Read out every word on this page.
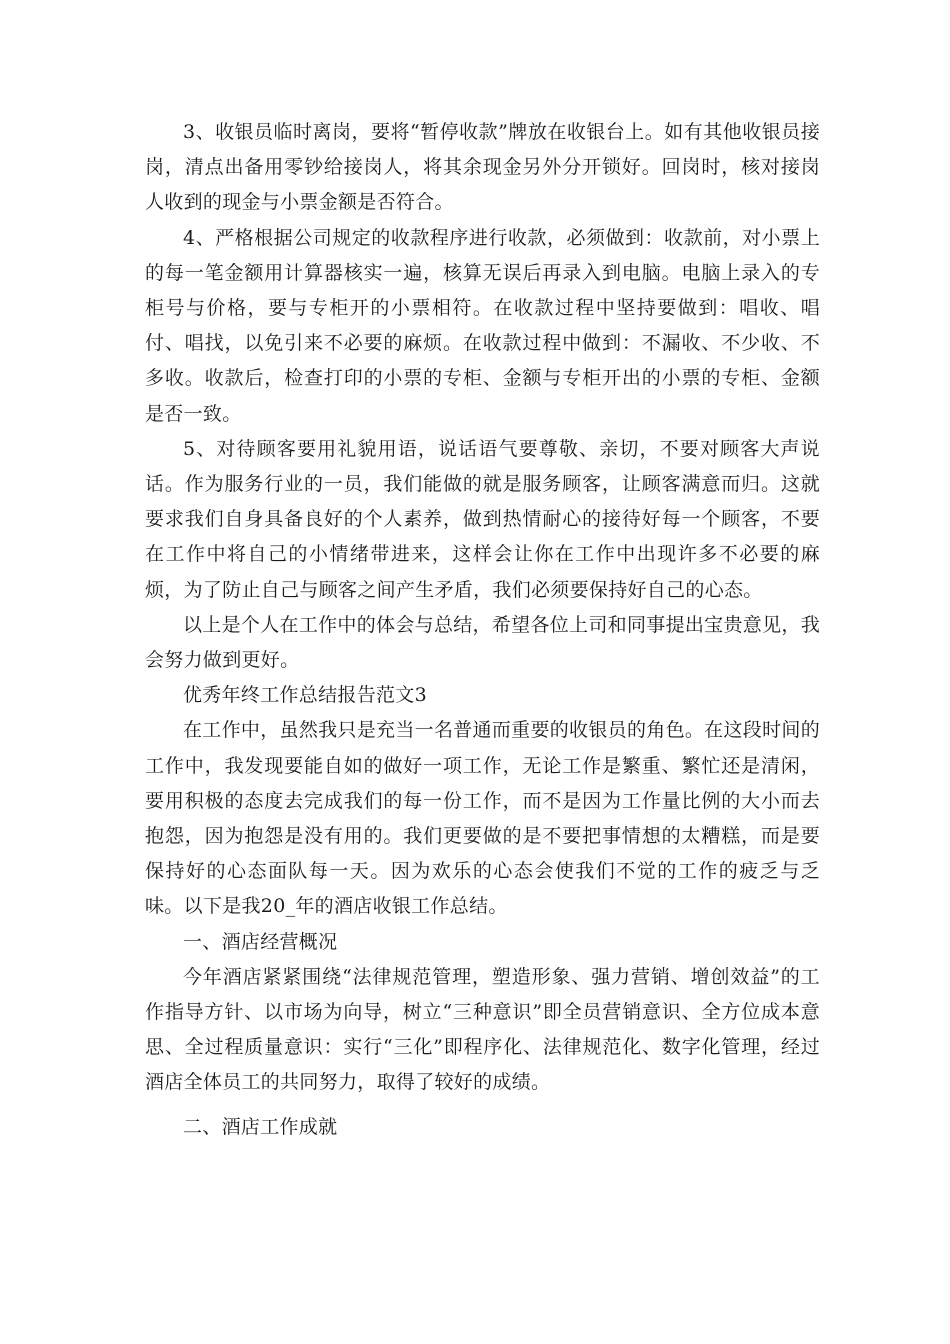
3、收银员临时离岗，要将“暂停收款”牌放在收银台上。如有其他收银员接岗，清点出备用零钞给接岗人，将其余现金另外分开锁好。回岗时，核对接岗人收到的现金与小票金额是否符合。

4、严格根据公司规定的收款程序进行收款，必须做到：收款前，对小票上的每一笔金额用计算器核实一遍，核算无误后再录入到电脑。电脑上录入的专柜号与价格，要与专柜开的小票相符。在收款过程中坚持要做到：唱收、唱付、唱找，以免引来不必要的麻烦。在收款过程中做到：不漏收、不少收、不多收。收款后，检查打印的小票的专柜、金额与专柜开出的小票的专柜、金额是否一致。

5、对待顾客要用礼貌用语，说话语气要尊敬、亲切，不要对顾客大声说话。作为服务行业的一员，我们能做的就是服务顾客，让顾客满意而归。这就要求我们自身具备良好的个人素养，做到热情耐心的接待好每一个顾客，不要在工作中将自己的小情绪带进来，这样会让你在工作中出现许多不必要的麻烦，为了防止自己与顾客之间产生矛盾，我们必须要保持好自己的心态。

以上是个人在工作中的体会与总结，希望各位上司和同事提出宝贵意见，我会努力做到更好。

优秀年终工作总结报告范文3

在工作中，虽然我只是充当一名普通而重要的收银员的角色。在这段时间的工作中，我发现要能自如的做好一项工作，无论工作是繁重、繁忙还是清闲，要用积极的态度去完成我们的每一份工作，而不是因为工作量比例的大小而去抱怨，因为抱怨是没有用的。我们更要做的是不要把事情想的太糟糕，而是要保持好的心态面队每一天。因为欢乐的心态会使我们不觉的工作的疲乏与乏味。以下是我20_年的酒店收银工作总结。

一、酒店经营概况

今年酒店紧紧围绕“法律规范管理，塑造形象、强力营销、增创效益”的工作指导方针、以市场为向导，树立“三种意识”即全员营销意识、全方位成本意思、全过程质量意识：实行“三化”即程序化、法律规范化、数字化管理，经过酒店全体员工的共同努力，取得了较好的成绩。

二、酒店工作成就
